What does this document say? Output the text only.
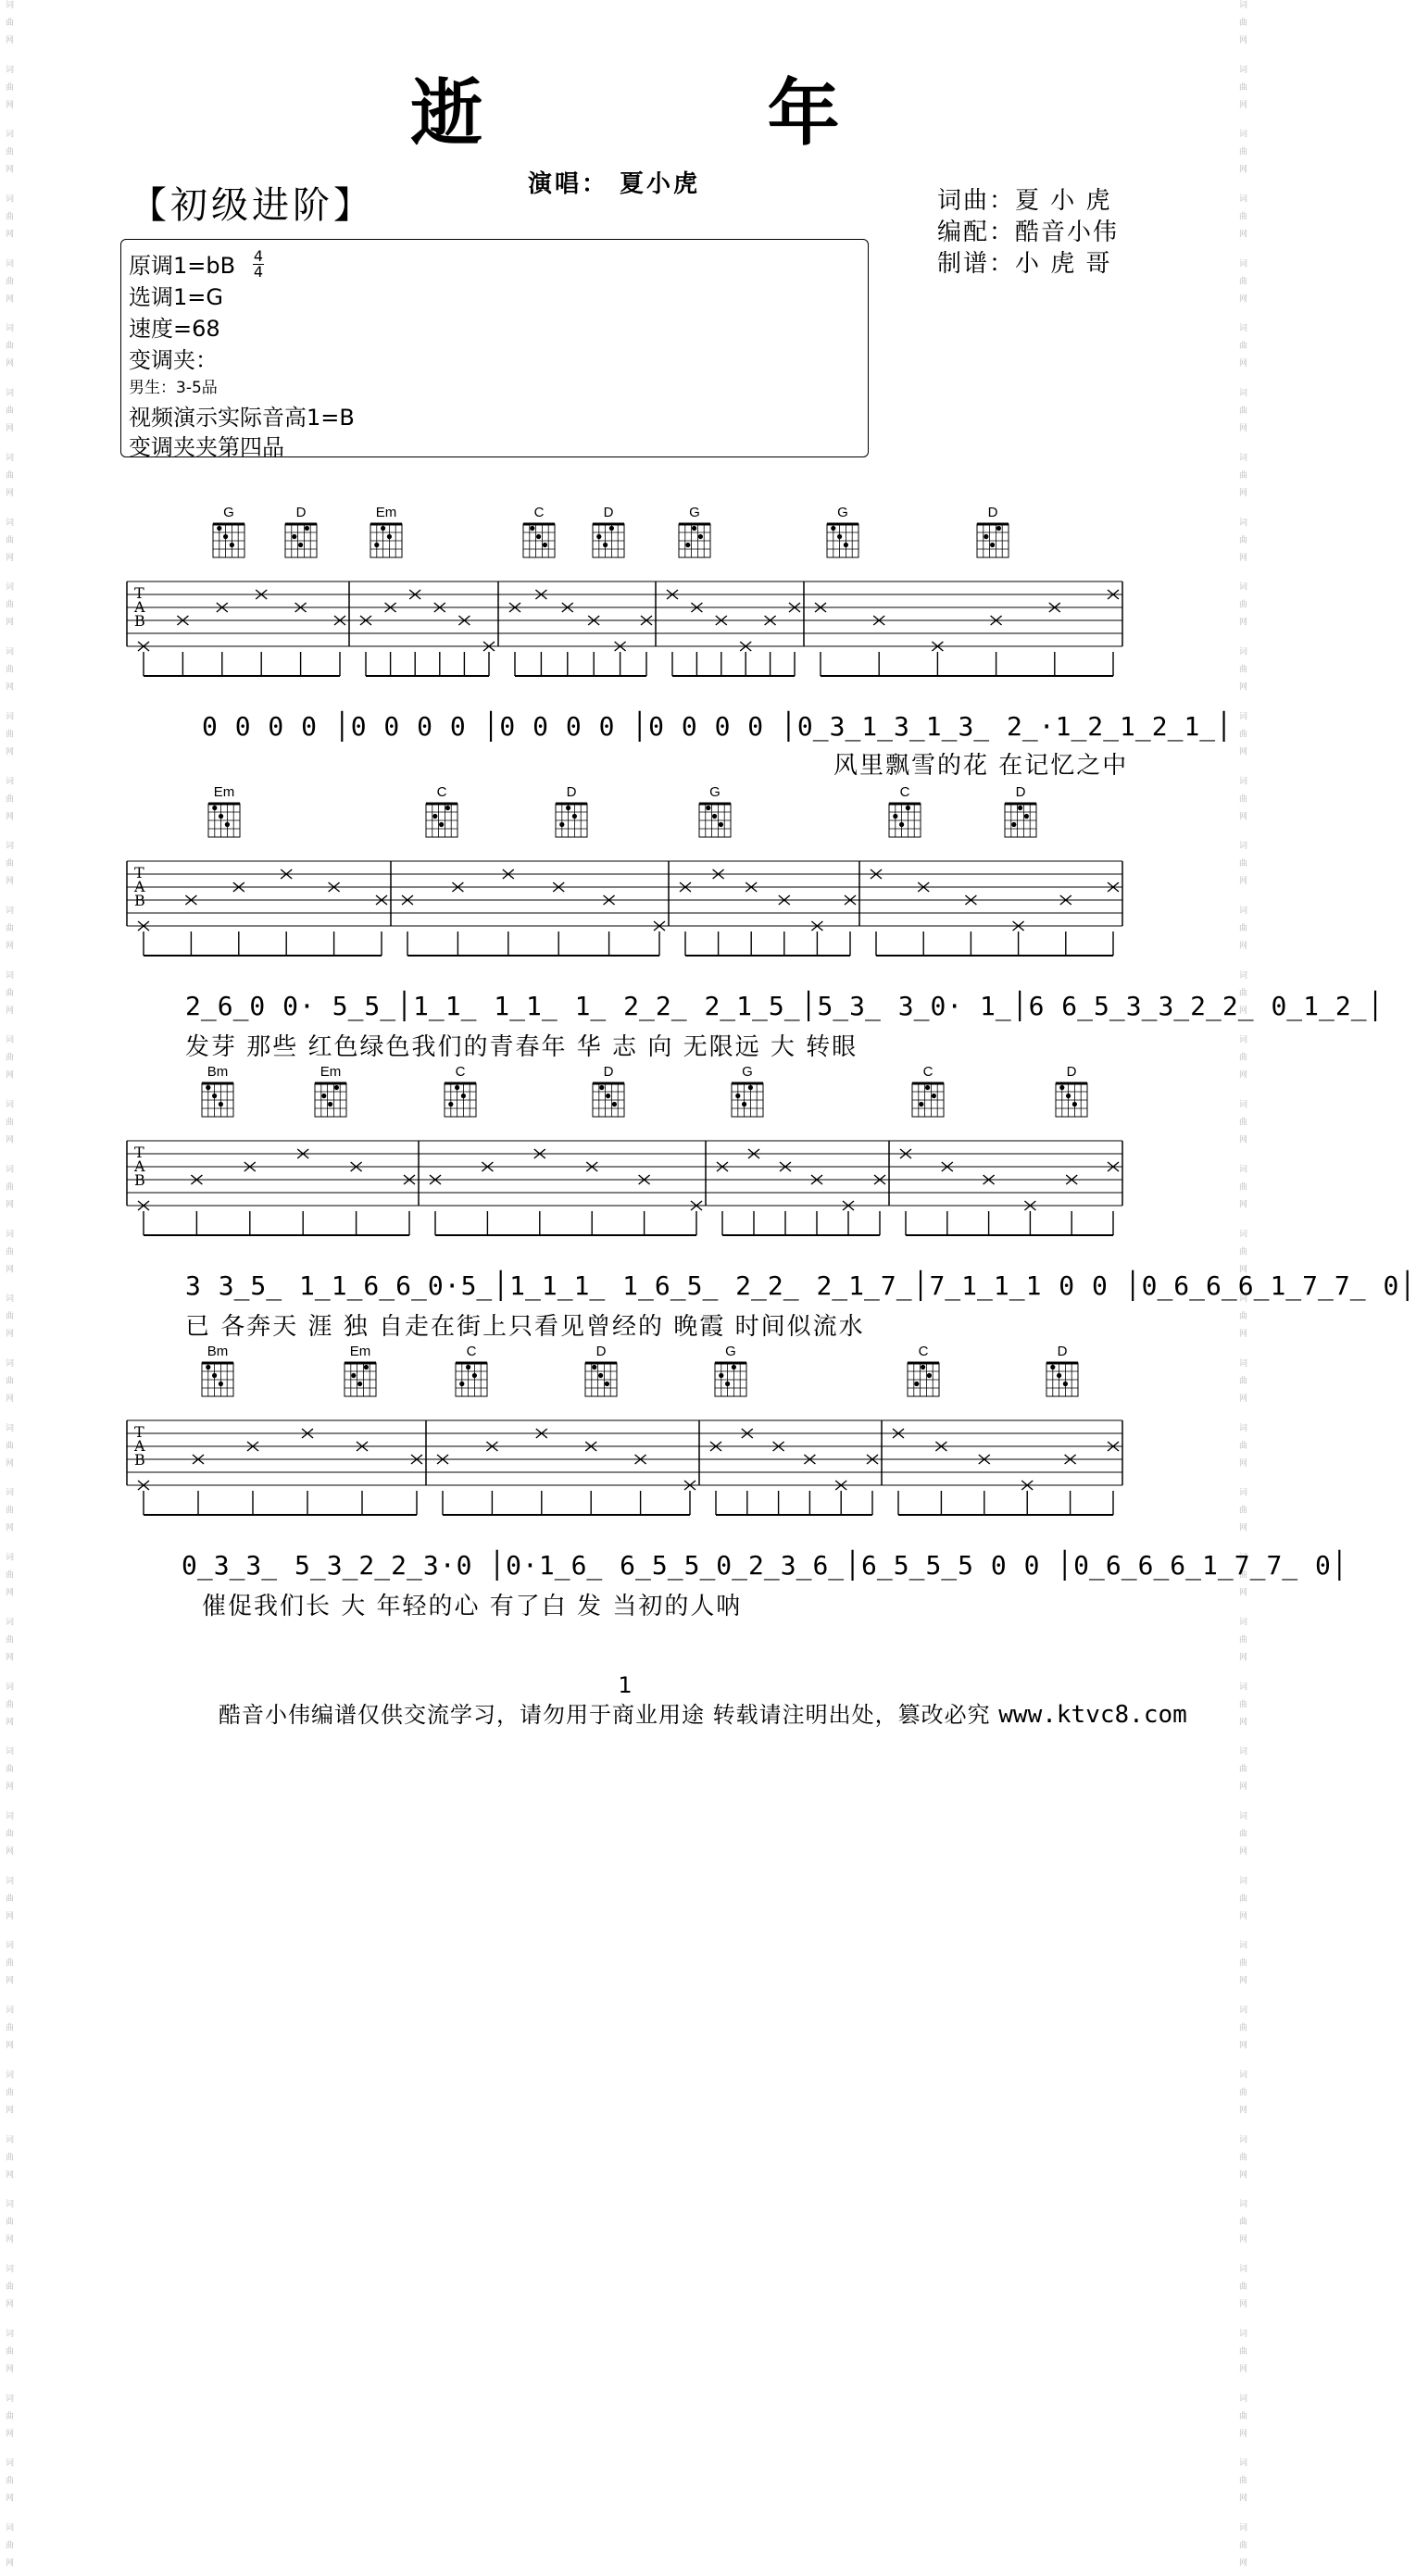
词曲网 词曲网 词曲网 词曲网 词曲网 词曲网 词曲网 词曲网 词曲网 词曲网 词曲网 词曲网 词曲网 词曲网 词曲网 词曲网 词曲网 词曲网 词曲网 词曲网 词曲网 词曲网 词曲网 词曲网 词曲网 词曲网 词曲网 词曲网 词曲网 词曲网 词曲网 词曲网 词曲网 词曲网 词曲网 词曲网 词曲网 词曲网 词曲网 词曲网	词曲网 词曲网 词曲网 词曲网 词曲网 词曲网 词曲网 词曲网 词曲网 词曲网 词曲网 词曲网 词曲网 词曲网 词曲网 词曲网 词曲网 词曲网 词曲网 词曲网 词曲网 词曲网 词曲网 词曲网 词曲网 词曲网 词曲网 词曲网 词曲网 词曲网 词曲网 词曲网 词曲网 词曲网 词曲网 词曲网 词曲网 词曲网 词曲网 词曲网
逝 年
演唱： 夏小虎
【初级进阶】	词曲：夏 小 虎
编配：酷音小伟
制谱：小 虎 哥
原调1=bB 4
4
选调1=G
速度=68
变调夹：
男生：3-5品
视频演示实际音高1=B
变调夹夹第四品
T
A
B
G	D	Em	C	D	G	G	D
T
A
B
Em	C	D	G	C	D
T
A
B
Bm	Em	C	D	G	C	D
T
A
B
Bm	Em	C	D	G	C	D
0 0 0 0 │0 0 0 0 │0 0 0 0 │0 0 0 0 │0̲3̲1̲3̲1̲3̲ 2̲·1̲2̲1̲2̲1̲│
风里飘雪的花 在记忆之中
2̲6̲0 0· 5̲5̲│1̲1̲ 1̲1̲ 1̲ 2̲2̲ 2̲1̲5̲│5̲3̲ 3̲0· 1̲│6 6̲5̲3̲3̲2̲2̲ 0̲1̲2̲│
发芽 那些 红色绿色我们的青春年 华 志 向 无限远 大 转眼
3 3̲5̲ 1̲1̲6̲6̲0·5̲│1̲1̲1̲ 1̲6̲5̲ 2̲2̲ 2̲1̲7̲│7̲1̲1̲1 0 0 │0̲6̲6̲6̲1̲7̲7̲ 0│
已 各奔天 涯 独 自走在街上只看见曾经的 晚霞 时间似流水
0̲3̲3̲ 5̲3̲2̲2̲3·0 │0·1̲6̲ 6̲5̲5̲0̲2̲3̲6̲│6̲5̲5̲5 0 0 │0̲6̲6̲6̲1̲7̲7̲ 0│
催促我们长 大 年轻的心 有了白 发 当初的人呐
1
酷音小伟编谱仅供交流学习，请勿用于商业用途 转载请注明出处，篡改必究 www.ktvc8.com
